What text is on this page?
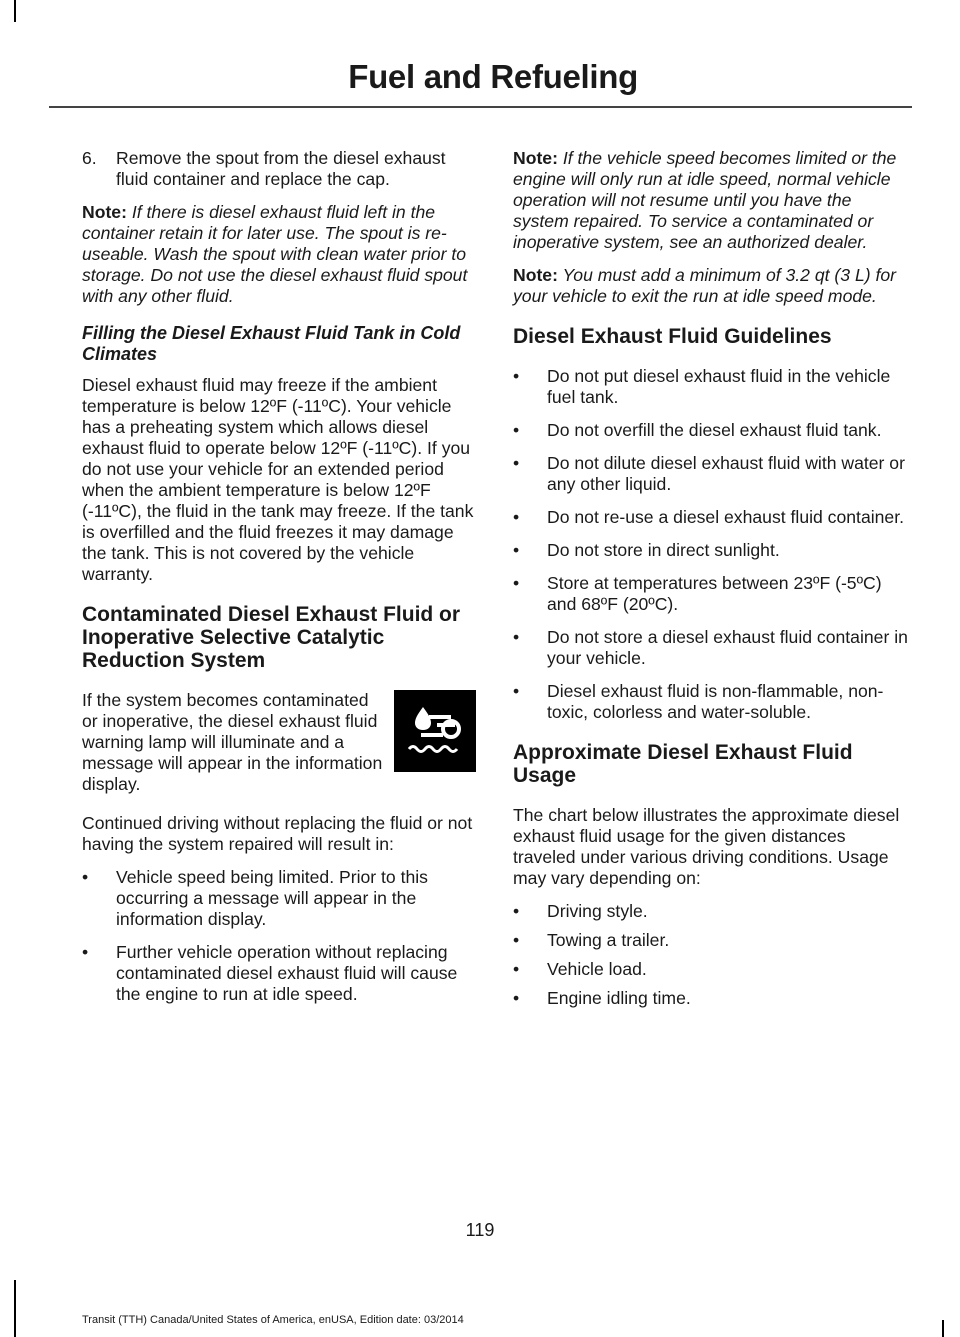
Fuel and Refueling
6.	Remove the spout from the diesel exhaust fluid container and replace the cap.

Note: If there is diesel exhaust fluid left in the container retain it for later use. The spout is re-useable. Wash the spout with clean water prior to storage. Do not use the diesel exhaust fluid spout with any other fluid.

Filling the Diesel Exhaust Fluid Tank in Cold Climates

Diesel exhaust fluid may freeze if the ambient temperature is below 12ºF (-11ºC). Your vehicle has a preheating system which allows diesel exhaust fluid to operate below 12ºF (-11ºC). If you do not use your vehicle for an extended period when the ambient temperature is below 12ºF (-11ºC), the fluid in the tank may freeze. If the tank is overfilled and the fluid freezes it may damage the tank. This is not covered by the vehicle warranty.

Contaminated Diesel Exhaust Fluid or Inoperative Selective Catalytic Reduction System

If the system becomes contaminated or inoperative, the diesel exhaust fluid warning lamp will illuminate and a message will appear in the information display.

Continued driving without replacing the fluid or not having the system repaired will result in:

•	Vehicle speed being limited. Prior to this occurring a message will appear in the information display.
•	Further vehicle operation without replacing contaminated diesel exhaust fluid will cause the engine to run at idle speed.

Note: If the vehicle speed becomes limited or the engine will only run at idle speed, normal vehicle operation will not resume until you have the system repaired. To service a contaminated or inoperative system, see an authorized dealer.

Note: You must add a minimum of 3.2 qt (3 L) for your vehicle to exit the run at idle speed mode.

Diesel Exhaust Fluid Guidelines
•	Do not put diesel exhaust fluid in the vehicle fuel tank.
•	Do not overfill the diesel exhaust fluid tank.
•	Do not dilute diesel exhaust fluid with water or any other liquid.
•	Do not re-use a diesel exhaust fluid container.
•	Do not store in direct sunlight.
•	Store at temperatures between 23ºF (-5ºC) and 68ºF (20ºC).
•	Do not store a diesel exhaust fluid container in your vehicle.
•	Diesel exhaust fluid is non-flammable, non-toxic, colorless and water-soluble.
Approximate Diesel Exhaust Fluid Usage

The chart below illustrates the approximate diesel exhaust fluid usage for the given distances traveled under various driving conditions. Usage may vary depending on:

•	Driving style.
•	Towing a trailer.
•	Vehicle load.
•	Engine idling time.
119
Transit (TTH) Canada/United States of America, enUSA, Edition date: 03/2014
